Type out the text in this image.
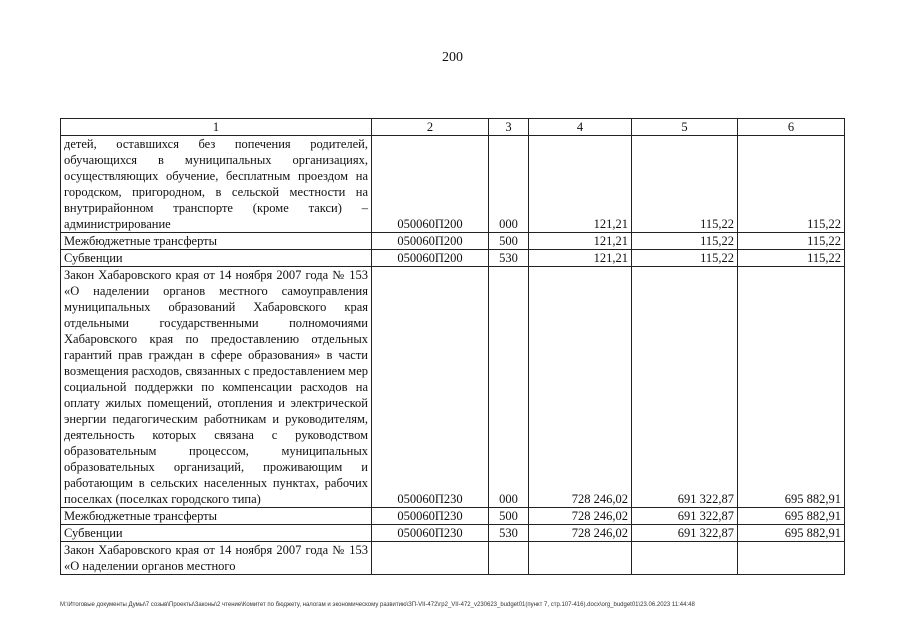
200
1	2	3	4	5	6
детей, оставшихся без попечения родителей, обучающихся в муниципальных организациях, осуществляющих обучение, бесплатным проездом на городском, пригородном, в сельской местности на внутрирайонном транспорте (кроме такси) – администрирование	050060П200	000	121,21	115,22	115,22
Межбюджетные трансферты	050060П200	500	121,21	115,22	115,22
Субвенции	050060П200	530	121,21	115,22	115,22
Закон Хабаровского края от 14 ноября 2007 года № 153 «О наделении органов местного самоуправления муниципальных образований Хабаровского края отдельными государственными полномочиями Хабаровского края по предоставлению отдельных гарантий прав граждан в сфере образования» в части возмещения расходов, связанных с предоставлением мер социальной поддержки по компенсации расходов на оплату жилых помещений, отопления и электрической энергии педагогическим работникам и руководителям, деятельность которых связана с руководством образовательным процессом, муниципальных образовательных организаций, проживающим и работающим в сельских населенных пунктах, рабочих поселках (поселках городского типа)	050060П230	000	728 246,02	691 322,87	695 882,91
Межбюджетные трансферты	050060П230	500	728 246,02	691 322,87	695 882,91
Субвенции	050060П230	530	728 246,02	691 322,87	695 882,91
Закон Хабаровского края от 14 ноября 2007 года № 153 «О наделении органов местного					
M:\Итоговые документы Думы\7 созыв\Проекты\Законы\2 чтение\Комитет по бюджету, налогам и экономическому развитию\ЗП-VII-472\гр2_VII-472_v230623_budget01(пункт 7, стр.107-416).docx\org_budget01\23.06.2023 11:44:48
